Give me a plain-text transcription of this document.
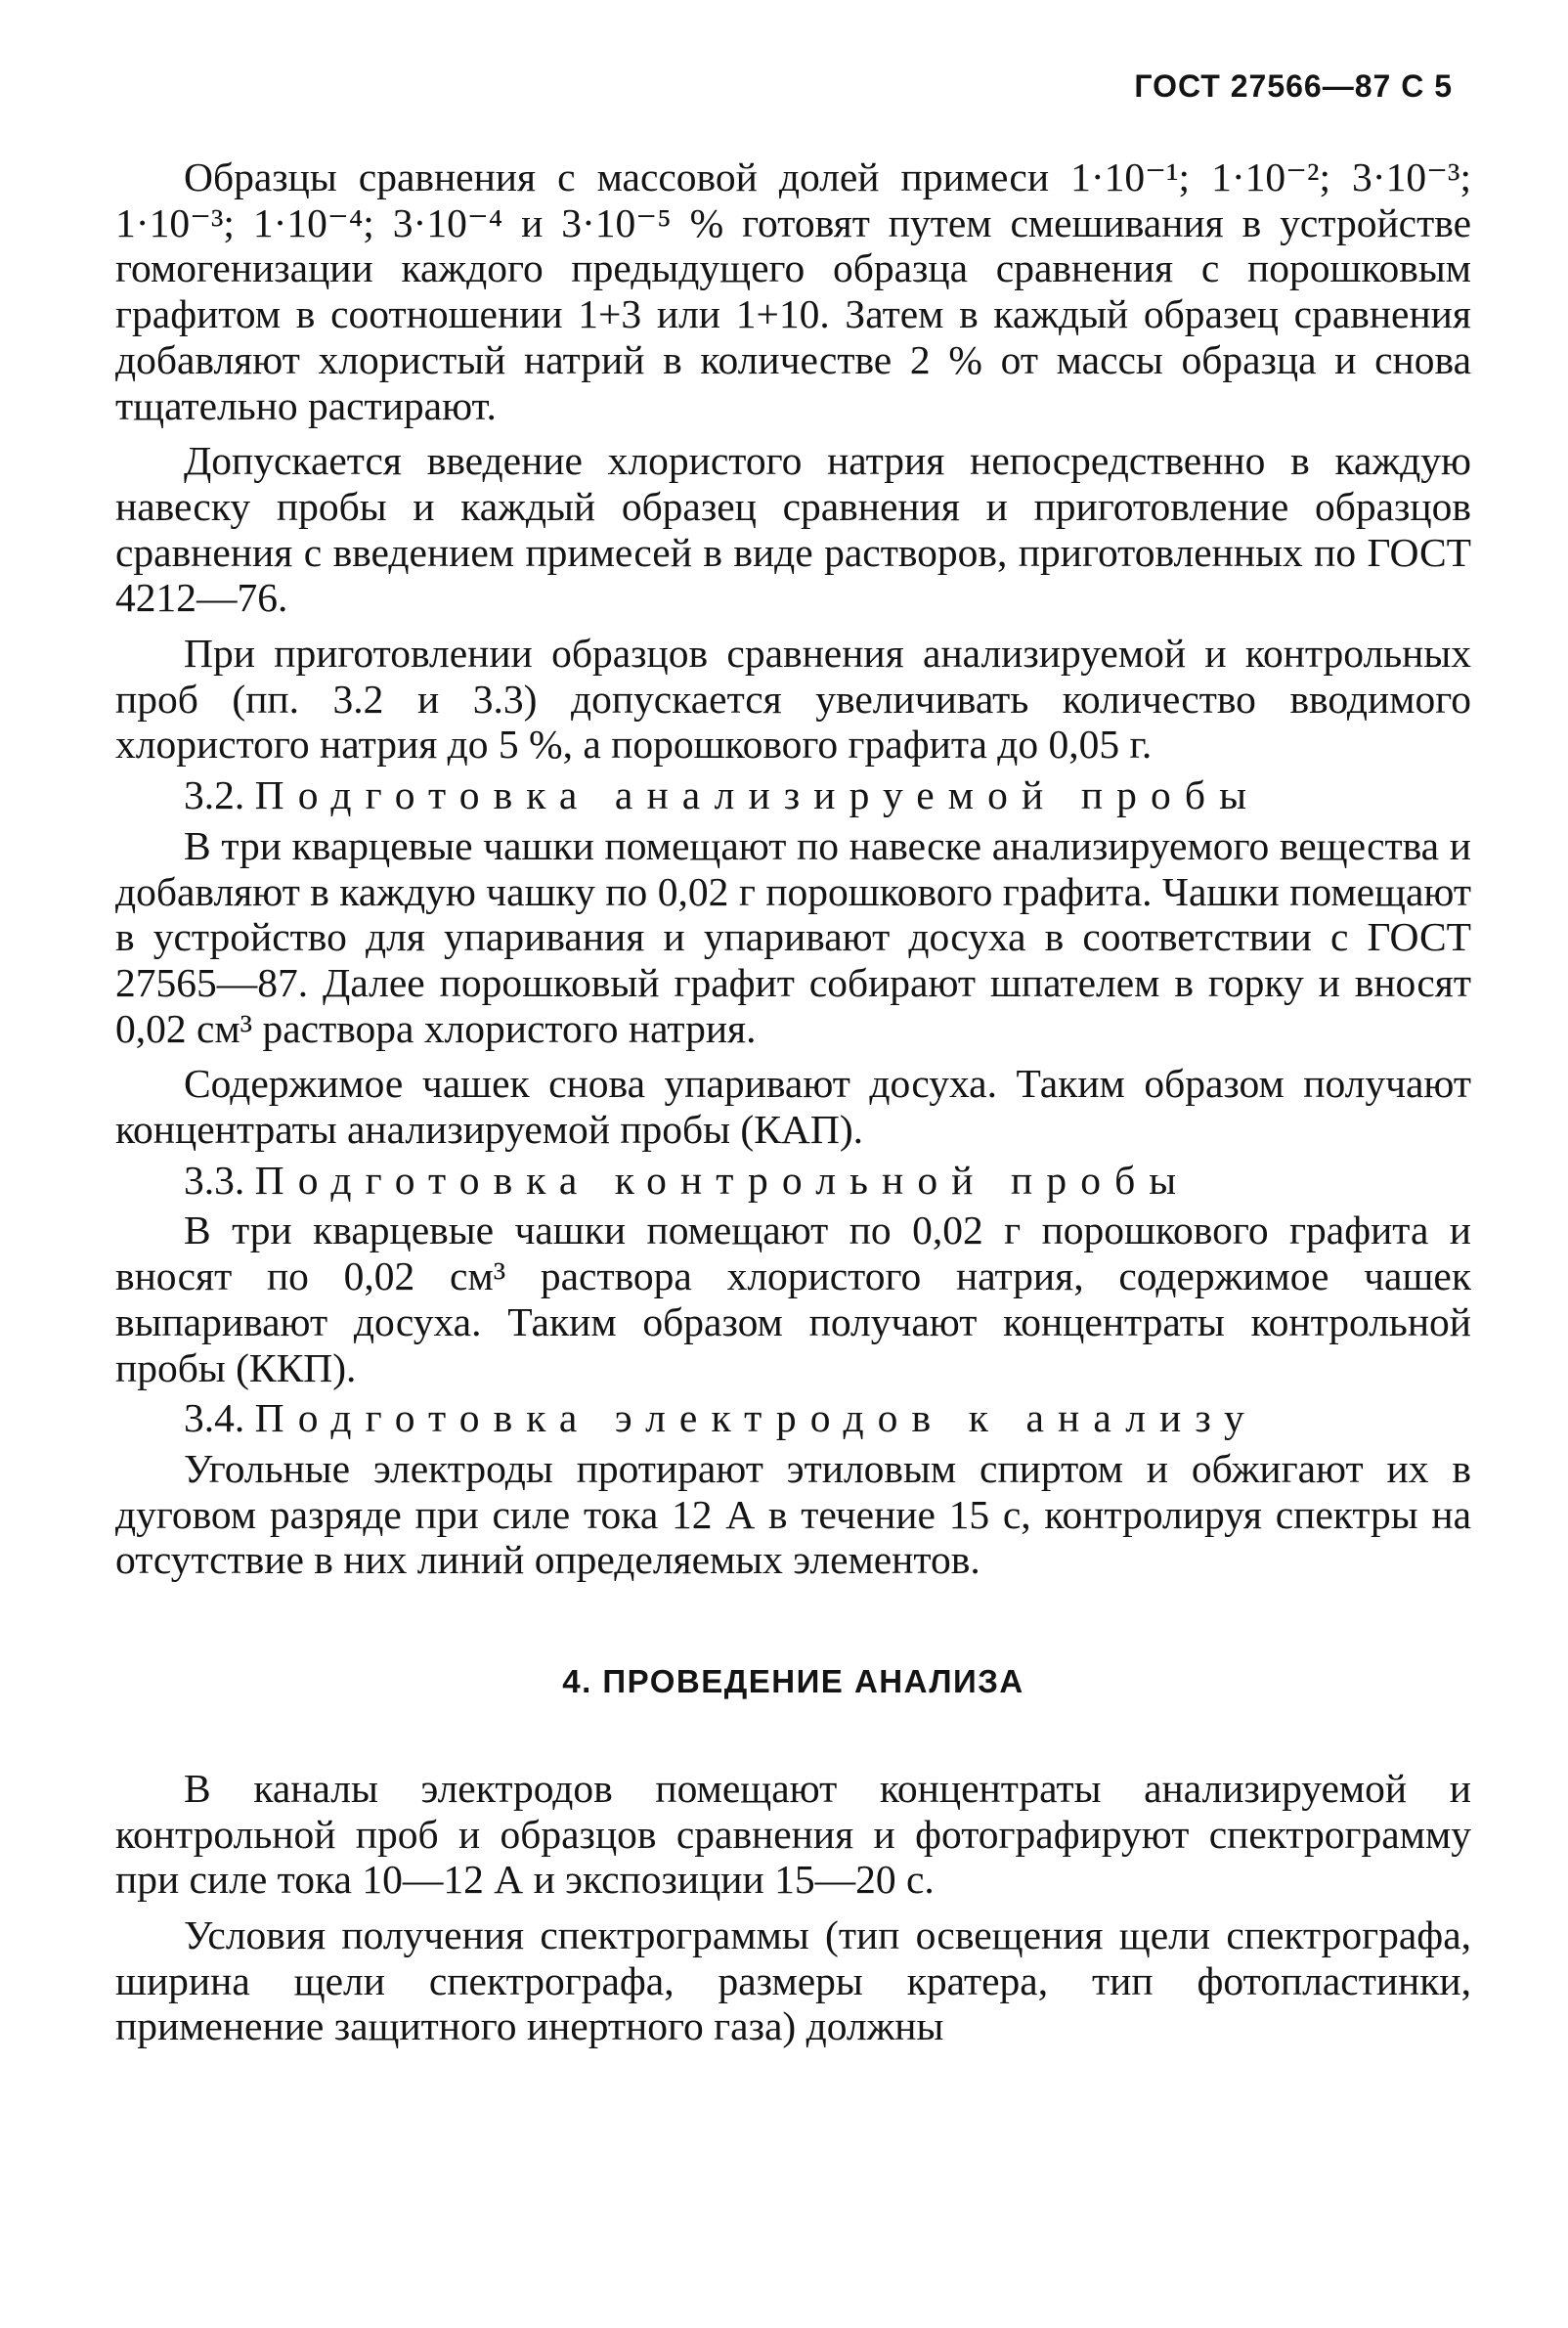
ГОСТ 27566—87 С 5

Образцы сравнения с массовой долей примеси 1·10⁻¹; 1·10⁻²; 3·10⁻³; 1·10⁻³; 1·10⁻⁴; 3·10⁻⁴ и 3·10⁻⁵ % готовят путем смешивания в устройстве гомогенизации каждого предыдущего образца сравнения с порошковым графитом в соотношении 1+3 или 1+10. Затем в каждый образец сравнения добавляют хлористый натрий в количестве 2 % от массы образца и снова тщательно растирают.

Допускается введение хлористого натрия непосредственно в каждую навеску пробы и каждый образец сравнения и приготовление образцов сравнения с введением примесей в виде растворов, приготовленных по ГОСТ 4212—76.

При приготовлении образцов сравнения анализируемой и контрольных проб (пп. 3.2 и 3.3) допускается увеличивать количество вводимого хлористого натрия до 5 %, а порошкового графита до 0,05 г.

3.2. Подготовка анализируемой пробы

В три кварцевые чашки помещают по навеске анализируемого вещества и добавляют в каждую чашку по 0,02 г порошкового графита. Чашки помещают в устройство для упаривания и упаривают досуха в соответствии с ГОСТ 27565—87. Далее порошковый графит собирают шпателем в горку и вносят 0,02 см³ раствора хлористого натрия.

Содержимое чашек снова упаривают досуха. Таким образом получают концентраты анализируемой пробы (КАП).

3.3. Подготовка контрольной пробы

В три кварцевые чашки помещают по 0,02 г порошкового графита и вносят по 0,02 см³ раствора хлористого натрия, содержимое чашек выпаривают досуха. Таким образом получают концентраты контрольной пробы (ККП).

3.4. Подготовка электродов к анализу

Угольные электроды протирают этиловым спиртом и обжигают их в дуговом разряде при силе тока 12 А в течение 15 с, контролируя спектры на отсутствие в них линий определяемых элементов.

4. ПРОВЕДЕНИЕ АНАЛИЗА

В каналы электродов помещают концентраты анализируемой и контрольной проб и образцов сравнения и фотографируют спектрограмму при силе тока 10—12 А и экспозиции 15—20 с.

Условия получения спектрограммы (тип освещения щели спектрографа, ширина щели спектрографа, размеры кратера, тип фотопластинки, применение защитного инертного газа) должны
